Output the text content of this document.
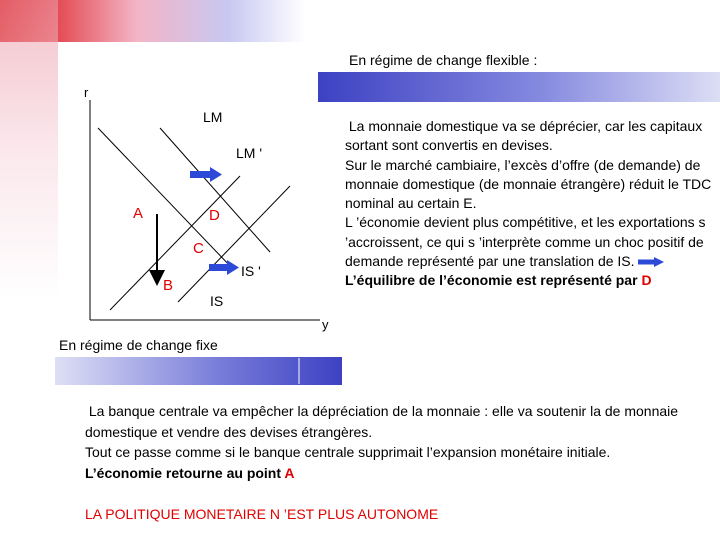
En régime de change flexible :
En régime de change fixe
r
y
LM
LM '
IS
IS '
A
B
C
D

La monnaie domestique va se déprécier, car les capitaux sortant sont convertis en devises.

Sur le marché cambiaire, l’excès d’offre (de demande) de monnaie domestique (de monnaie étrangère) réduit le TDC nominal au certain E.

L ’économie devient plus compétitive, et les exportations s ’accroissent, ce qui s ’interprète comme un choc positif de demande représenté par une translation de IS.

L’équilibre de l’économie est représenté par D

La banque centrale va empêcher la dépréciation de la monnaie : elle va soutenir la de monnaie domestique et vendre des devises étrangères.

Tout ce passe comme si le banque centrale supprimait l’expansion monétaire initiale.

L’économie retourne au point A

LA POLITIQUE MONETAIRE N ’EST PLUS AUTONOME
